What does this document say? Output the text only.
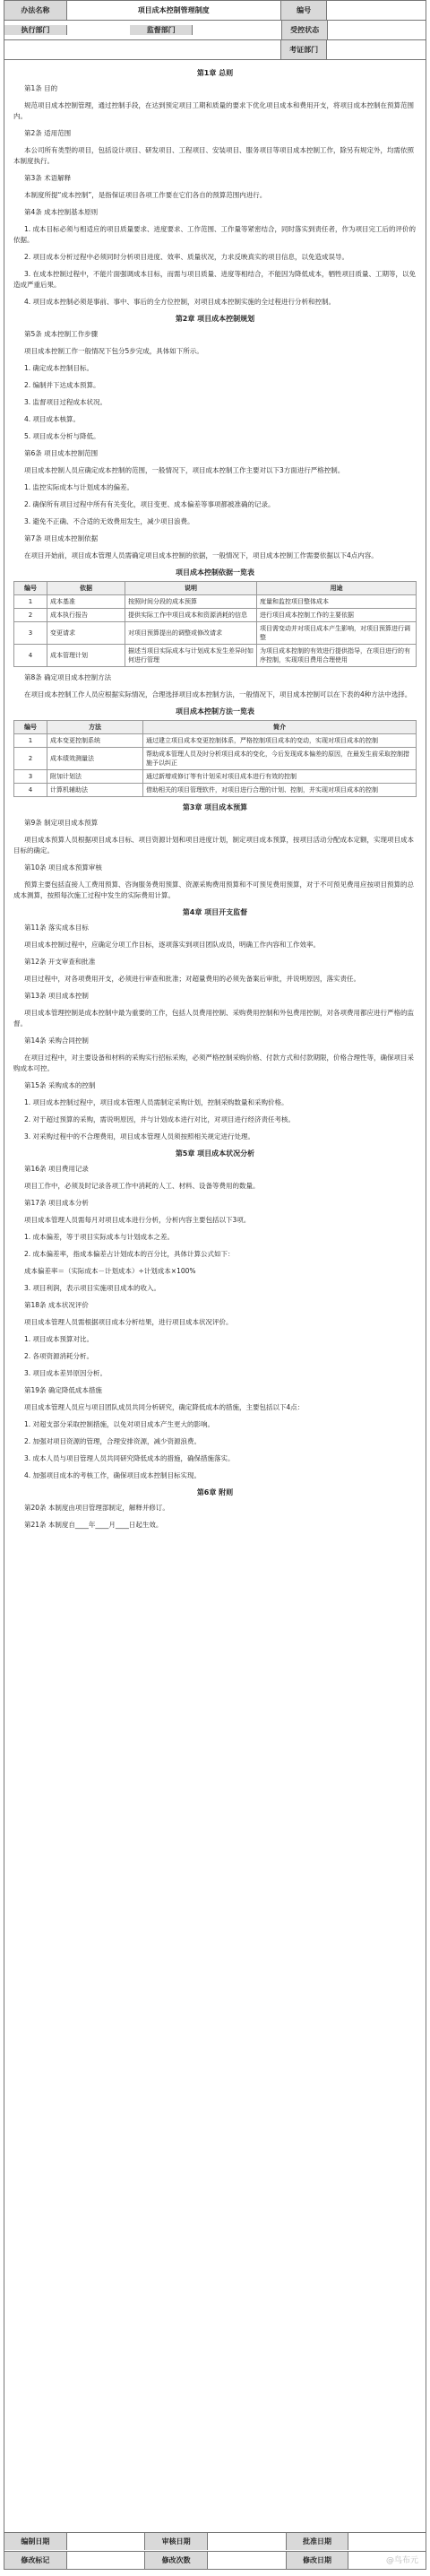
办法名称	项目成本控制管理制度	编号
执行部门	监督部门	受控状态
考证部门
第1章 总则
第1条 目的
规范项目成本控制管理，通过控制手段，在达到预定项目工期和质量的要求下优化项目成本和费用开支，将项目成本控制在预算范围内。
第2条 适用范围
本公司所有类型的项目，包括设计项目、研发项目、工程项目、安装项目、服务项目等项目成本控制工作，除另有规定外，均需依照本制度执行。
第3条 术语解释
本制度所提“成本控制”，是指保证项目各项工作要在它们各自的预算范围内进行。
第4条 成本控制基本原则
1. 成本目标必须与相适应的项目质量要求、进度要求、工作范围、工作量等紧密结合，同时落实到责任者，作为项目完工后的评价的依据。
2. 项目成本分析过程中必须同时分析项目进度、效率、质量状况，力求反映真实的项目信息，以免造成误导。
3. 在成本控制过程中，不能片面强调成本目标，而需与项目质量、进度等相结合，不能因为降低成本，牺牲项目质量、工期等，以免造成严重后果。
4. 项目成本控制必须是事前、事中、事后的全方位控制，对项目成本控制实施的全过程进行分析和控制。
第2章 项目成本控制规划
第5条 成本控制工作步骤
项目成本控制工作一般情况下包分5步完成，具体如下所示。
1. 确定成本控制目标。
2. 编制并下达成本预算。
3. 监督项目过程成本状况。
4. 项目成本核算。
5. 项目成本分析与降低。
第6条 项目成本控制范围
项目成本控制人员应确定成本控制的范围，一般情况下，项目成本控制工作主要对以下3方面进行严格控制。
1. 监控实际成本与计划成本的偏差。
2. 确保所有项目过程中所有有关变化，项目变更、成本偏差等事项都被准确的记录。
3. 避免不正确、不合适的无效费用发生，减少项目浪费。
第7条 项目成本控制依据
在项目开始前，项目成本管理人员需确定项目成本控制的依据，一般情况下，项目成本控制工作需要依据以下4点内容。
项目成本控制依据一览表
编号	依据	说明	用途
1	成本基准	按照时间分段的成本预算	度量和监控项目整体成本
2	成本执行报告	提供实际工作中项目成本和资源消耗的信息	进行项目成本控制工作的主要依据
3	变更请求	对项目预算提出的调整或修改请求	项目需变动并对项目成本产生影响，对项目预算进行调整
4	成本管理计划	描述当项目实际成本与计划成本发生差异时如何进行管理	为项目成本控制的有效进行提供指导，在项目进行的有序控制，实现项目费用合理使用
第8条 确定项目成本控制方法
在项目成本控制工作人员应根据实际情况，合理选择项目成本控制方法，一般情况下，项目成本控制可以在下表的4种方法中选择。
项目成本控制方法一览表
编号	方法	简介
1	成本变更控制系统	通过建立项目成本变更控制体系，严格控制项目成本的变动，实现对项目成本的控制
2	成本绩效测量法	帮助成本管理人员及时分析项目成本的变化，今后发现成本偏差的原因，在最发生前采取控制措施予以纠正
3	附加计划法	通过新增或修订等有计划采对项目成本进行有效的控制
4	计算机辅助法	借助相关的项目管理软件，对项目进行合理的计划、控制，并实现对项目成本的控制
第3章 项目成本预算
第9条 制定项目成本预算
项目成本预算人员根据项目成本目标、项目资源计划和项目进度计划，制定项目成本预算，按项目活动分配成本定额，实现项目成本目标的确定。
第10条 项目成本预算审核
预算主要包括直接人工费用预算、咨询服务费用预算、资源采购费用预算和不可预见费用预算，对于不可预见费用应按项目预算的总成本测算，按照每次施工过程中发生的实际费用计算。
第4章 项目开支监督
第11条 落实成本目标
项目成本控制过程中，应确定分项工作目标，逐项落实到项目团队成员，明确工作内容和工作效率。
第12条 开支审查和批准
项目过程中，对各项费用开支，必须进行审查和批准；对超量费用的必须先备案后审批，并说明原因，落实责任。
第13条 项目成本控制
项目成本管理控制是成本控制中最为重要的工作，包括人员费用控制、采购费用控制和外包费用控制，对各项费用都应进行严格的监督。
第14条 采购合同控制
在项目过程中，对主要设备和材料的采购实行招标采购，必须严格控制采购价格、付款方式和付款期限，价格合理性等，确保项目采购成本可控。
第15条 采购成本的控制
1. 项目成本控制过程中，项目成本管理人员需制定采购计划，控制采购数量和采购价格。
2. 对于超过预算的采购，需说明原因，并与计划成本进行对比，对项目进行经济责任考核。
3. 对采购过程中的不合理费用，项目成本管理人员须按照相关规定进行处理。
第5章 项目成本状况分析
第16条 项目费用记录
项目工作中，必须及时记录各项工作中消耗的人工、材料、设备等费用的数量。
第17条 项目成本分析
项目成本管理人员需每月对项目成本进行分析，分析内容主要包括以下3项。
1. 成本偏差，等于项目实际成本与计划成本之差。
2. 成本偏差率，指成本偏差占计划成本的百分比，具体计算公式如下：
成本偏差率＝（实际成本－计划成本）÷计划成本×100%
3. 项目利润，表示项目实施项目成本的收入。
第18条 成本状况评价
项目成本管理人员需根据项目成本分析结果，进行项目成本状况评价。
1. 项目成本预算对比。
2. 各项资源消耗分析。
3. 项目成本差异原因分析。
第19条 确定降低成本措施
项目成本管理人员应与项目团队成员共同分析研究，确定降低成本的措施，主要包括以下4点：
1. 对超支部分采取控制措施，以免对项目成本产生更大的影响。
2. 加强对项目资源的管理，合理安排资源，减少资源浪费。
3. 成本人员与项目管理人员共同研究降低成本的措施，确保措施落实。
4. 加强项目成本的考核工作，确保项目成本控制目标实现。
第6章 附则
第20条 本制度由项目管理部制定，解释并修订。
第21条 本制度自____年____月____日起生效。
编制日期	审核日期	批准日期
修改标记	修改次数	修改日期	@鸟布元
